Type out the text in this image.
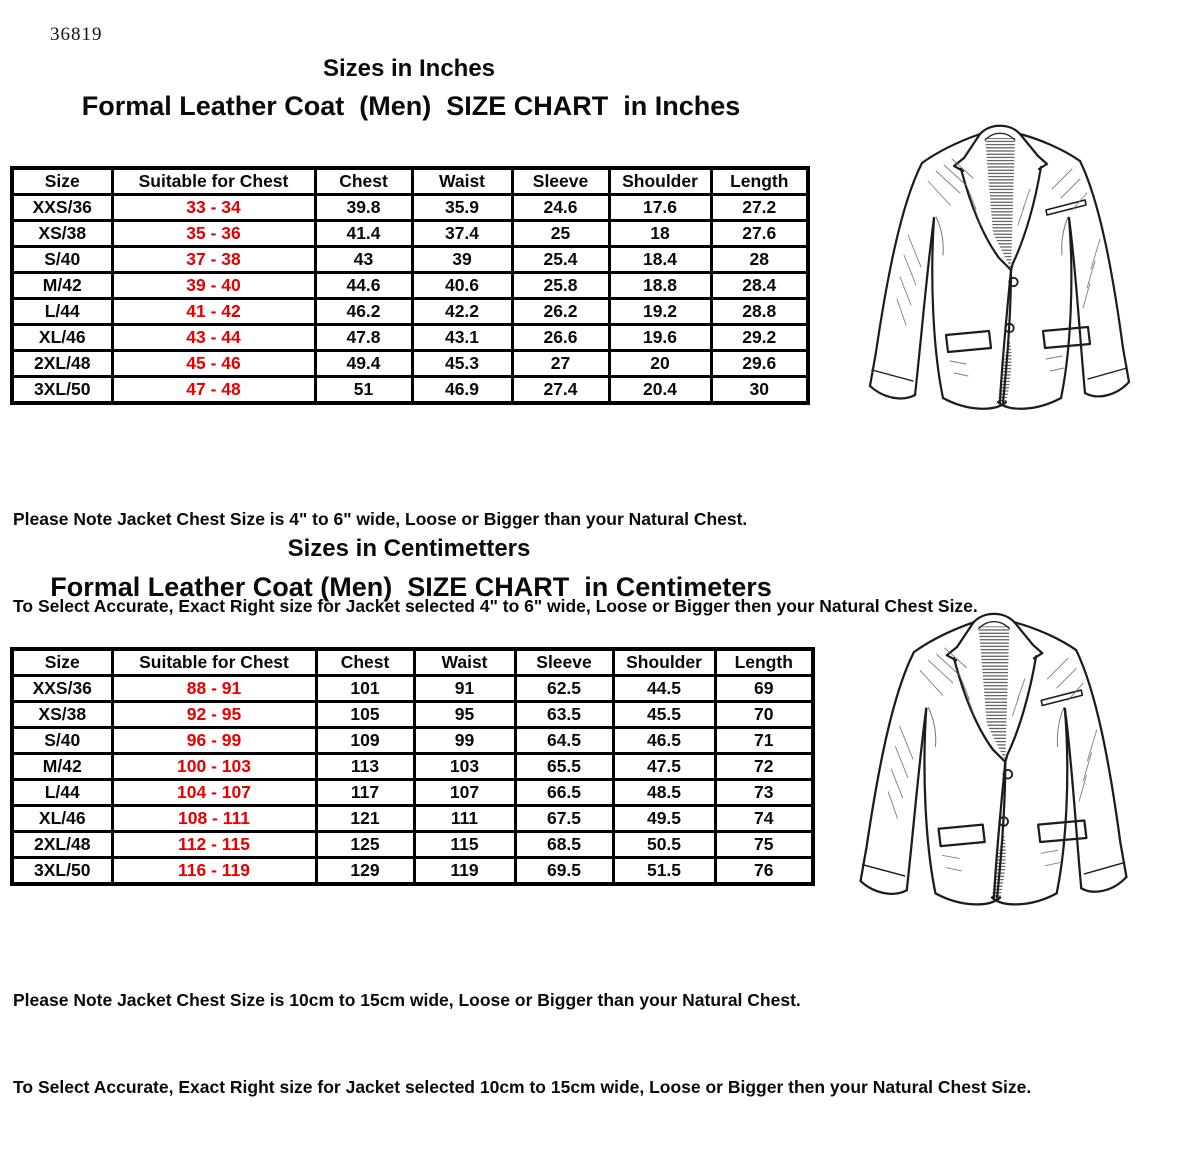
36819
Sizes in Inches
Formal Leather Coat  (Men)  SIZE CHART  in Inches
Size	Suitable for Chest	Chest	Waist	Sleeve	Shoulder	Length
XXS/36	33 - 34	39.8	35.9	24.6	17.6	27.2
XS/38	35 - 36	41.4	37.4	25	18	27.6
S/40	37 - 38	43	39	25.4	18.4	28
M/42	39 - 40	44.6	40.6	25.8	18.8	28.4
L/44	41 - 42	46.2	42.2	26.2	19.2	28.8
XL/46	43 - 44	47.8	43.1	26.6	19.6	29.2
2XL/48	45 - 46	49.4	45.3	27	20	29.6
3XL/50	47 - 48	51	46.9	27.4	20.4	30

Please Note Jacket Chest Size is 4" to 6" wide, Loose or Bigger than your Natural Chest.

To Select Accurate, Exact Right size for Jacket selected 4" to 6" wide, Loose or Bigger then your Natural Chest Size.

Sizes in Centimetters
Formal Leather Coat (Men)  SIZE CHART  in Centimeters
Size	Suitable for Chest	Chest	Waist	Sleeve	Shoulder	Length
XXS/36	88 - 91	101	91	62.5	44.5	69
XS/38	92 - 95	105	95	63.5	45.5	70
S/40	96 - 99	109	99	64.5	46.5	71
M/42	100 - 103	113	103	65.5	47.5	72
L/44	104 - 107	117	107	66.5	48.5	73
XL/46	108 - 111	121	111	67.5	49.5	74
2XL/48	112 - 115	125	115	68.5	50.5	75
3XL/50	116 - 119	129	119	69.5	51.5	76

Please Note Jacket Chest Size is 10cm to 15cm wide, Loose or Bigger than your Natural Chest.

To Select Accurate, Exact Right size for Jacket selected 10cm to 15cm wide, Loose or Bigger then your Natural Chest Size.
